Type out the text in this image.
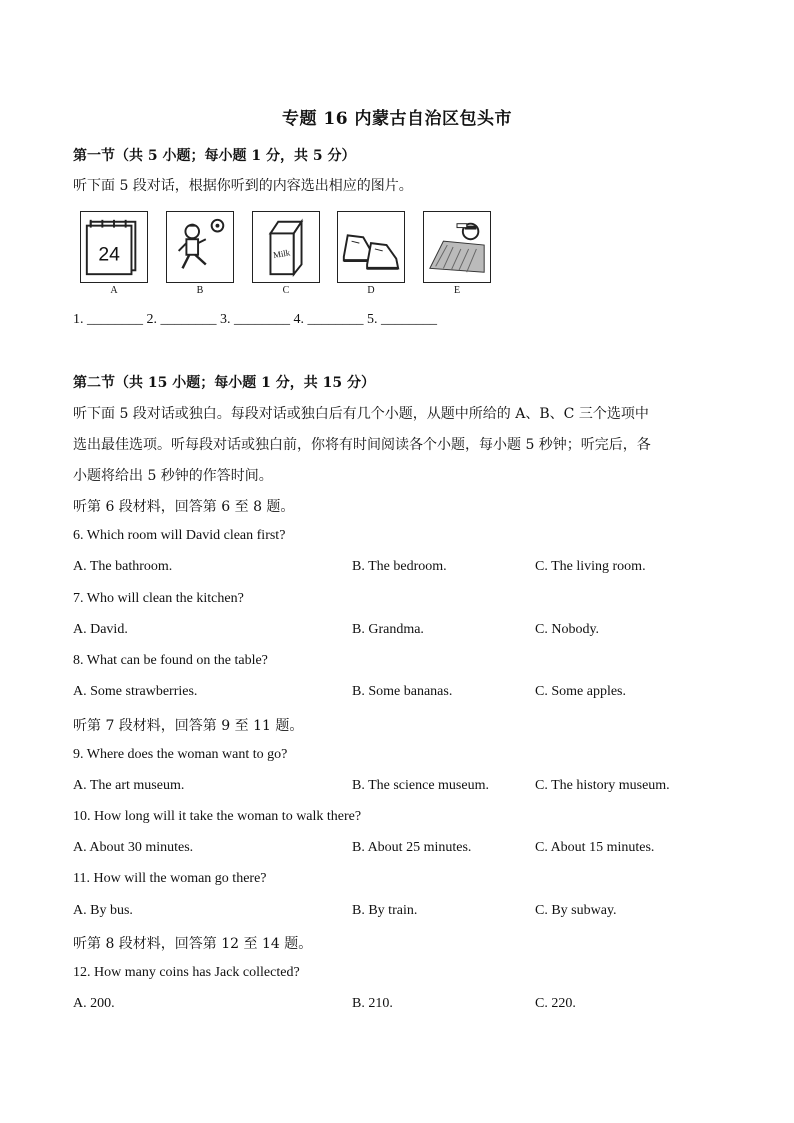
专题 16 内蒙古自治区包头市
第一节（共 5 小题；每小题 1 分，共 5 分）
听下面 5 段对话，根据你听到的内容选出相应的图片。
24
A	B
Milk
C	D	E
1. ________ 2. ________ 3. ________ 4. ________ 5. ________
第二节（共 15 小题；每小题 1 分，共 15 分）
听下面 5 段对话或独白。每段对话或独白后有几个小题，从题中所给的 A、B、C 三个选项中
选出最佳选项。听每段对话或独白前，你将有时间阅读各个小题，每小题 5 秒钟；听完后，各
小题将给出 5 秒钟的作答时间。
听第 6 段材料，回答第 6 至 8 题。
6. Which room will David clean first?
A. The bathroom.	B. The bedroom.	C. The living room.
7. Who will clean the kitchen?
A. David.	B. Grandma.	C. Nobody.
8. What can be found on the table?
A. Some strawberries.	B. Some bananas.	C. Some apples.
听第 7 段材料，回答第 9 至 11 题。
9. Where does the woman want to go?
A. The art museum.	B. The science museum.	C. The history museum.
10. How long will it take the woman to walk there?
A. About 30 minutes.	B. About 25 minutes.	C. About 15 minutes.
11. How will the woman go there?
A. By bus.	B. By train.	C. By subway.
听第 8 段材料，回答第 12 至 14 题。
12. How many coins has Jack collected?
A. 200.	B. 210.	C. 220.
